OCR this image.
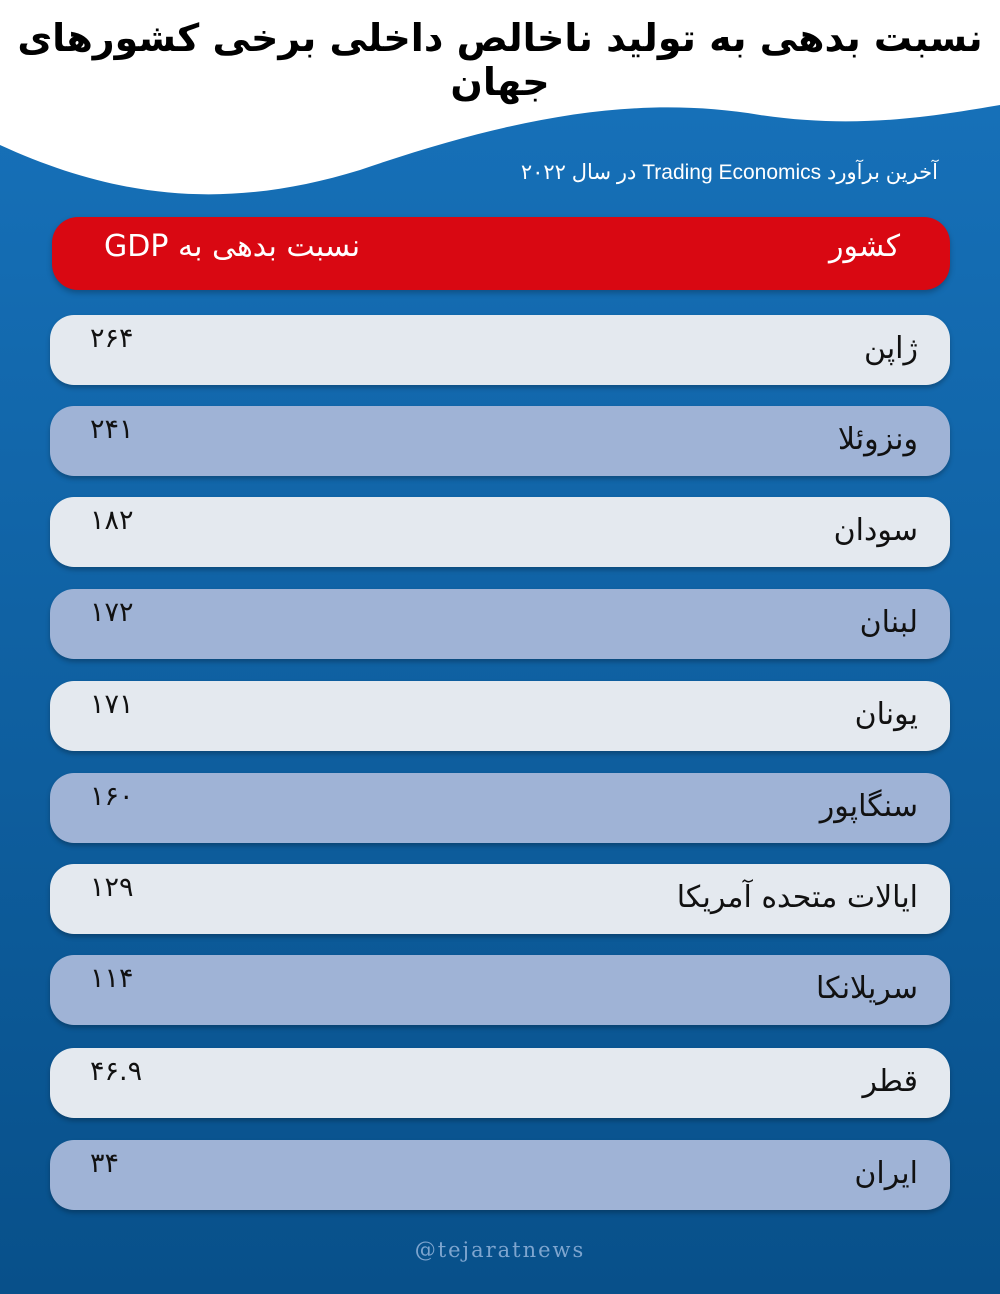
نسبت بدهی به تولید ناخالص داخلی برخی کشورهای جهان
آخرین برآورد Trading Economics در سال ۲۰۲۲
کشور
نسبت بدهی به GDP
ژاپن
۲۶۴
ونزوئلا
۲۴۱
سودان
۱۸۲
لبنان
۱۷۲
یونان
۱۷۱
سنگاپور
۱۶۰
ایالات متحده آمریکا
۱۲۹
سریلانکا
۱۱۴
قطر
۴۶.۹
ایران
۳۴
@tejaratnews
